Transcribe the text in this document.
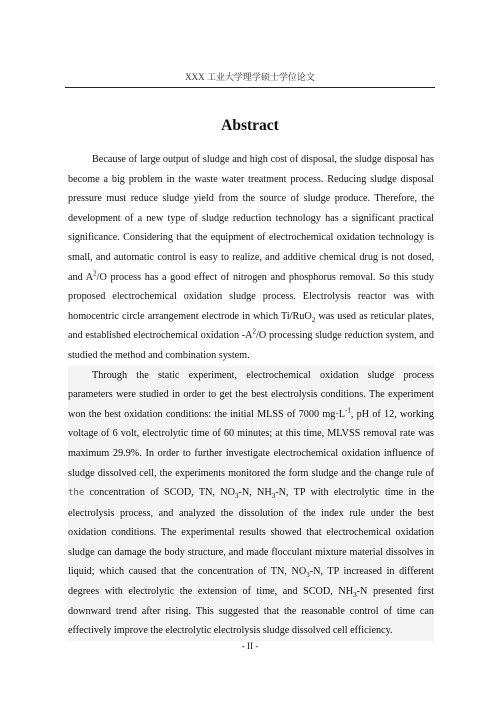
XXX 工业大学理学硕士学位论文
Abstract

Because of large output of sludge and high cost of disposal, the sludge disposal has become a big problem in the waste water treatment process. Reducing sludge disposal pressure must reduce sludge yield from the source of sludge produce. Therefore, the development of a new type of sludge reduction technology has a significant practical significance. Considering that the equipment of electrochemical oxidation technology is small, and automatic control is easy to realize, and additive chemical drug is not dosed, and $A^2/O$ process has a good effect of nitrogen and phosphorus removal. So this study proposed electrochemical oxidation sludge process. Electrolysis reactor was with homocentric circle arrangement electrode in which Ti/RuO$_2$ was used as reticular plates, and established electrochemical oxidation $-A^2/O$ processing sludge reduction system, and studied the method and combination system.

Through the static experiment, electrochemical oxidation sludge process parameters were studied in order to get the best electrolysis conditions. The experiment won the best oxidation conditions: the initial MLSS of 7000 $mg\cdot L^{-1}$, pH of 12, working voltage of 6 volt, electrolytic time of 60 minutes; at this time, MLVSS removal rate was maximum 29.9%. In order to further investigate electrochemical oxidation influence of sludge dissolved cell, the experiments monitored the form sludge and the change rule of the concentration of SCOD, TN, $NO_3-N$, $NH_3-N$, TP with electrolytic time in the electrolysis process, and analyzed the dissolution of the index rule under the best oxidation conditions. The experimental results showed that electrochemical oxidation sludge can damage the body structure, and made flocculant mixture material dissolves in liquid; which caused that the concentration of TN, $NO_3-N$, TP increased in different degrees with electrolytic the extension of time, and SCOD, $NH_3-N$ presented first downward trend after rising. This suggested that the reasonable control of time can effectively improve the electrolytic electrolysis sludge dissolved cell efficiency.

- II -
